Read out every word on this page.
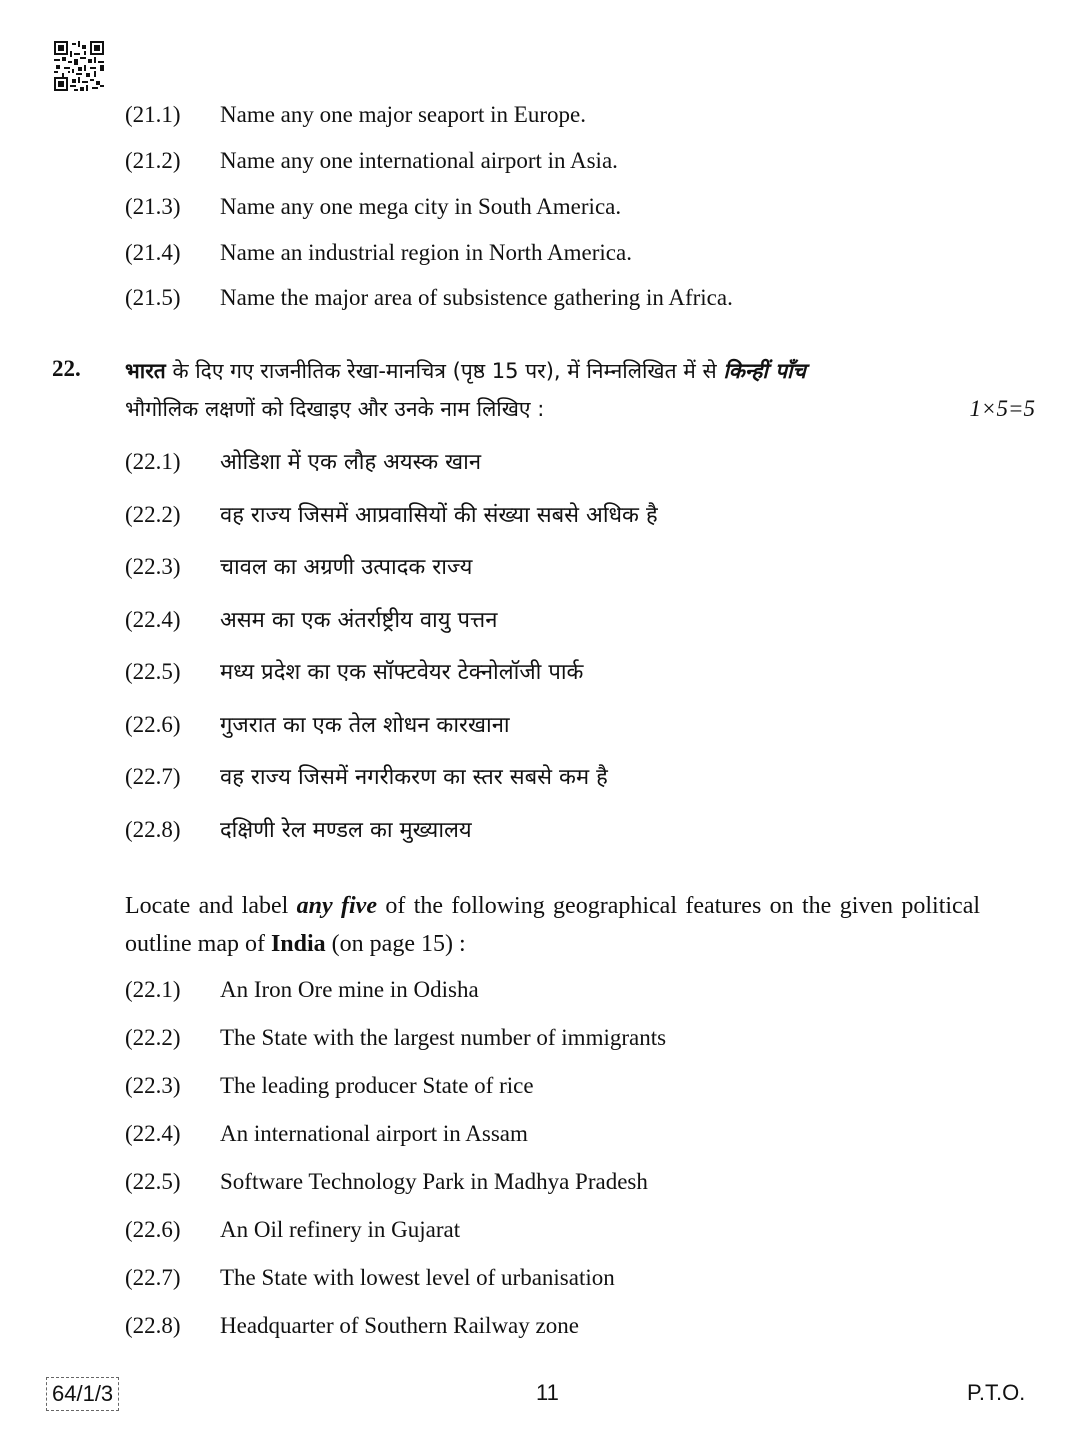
(21.1) Name any one major seaport in Europe.
(21.2) Name any one international airport in Asia.
(21.3) Name any one mega city in South America.
(21.4) Name an industrial region in North America.
(21.5) Name the major area of subsistence gathering in Africa.
22. भारत के दिए गए राजनीतिक रेखा-मानचित्र (पृष्ठ 15 पर), में निम्नलिखित में से किन्हीं पाँच
भौगोलिक लक्षणों को दिखाइए और उनके नाम लिखिए :	1×5=5
(22.1) ओडिशा में एक लौह अयस्क खान
(22.2) वह राज्य जिसमें आप्रवासियों की संख्या सबसे अधिक है
(22.3) चावल का अग्रणी उत्पादक राज्य
(22.4) असम का एक अंतर्राष्ट्रीय वायु पत्तन
(22.5) मध्य प्रदेश का एक सॉफ्टवेयर टेक्नोलॉजी पार्क
(22.6) गुजरात का एक तेल शोधन कारखाना
(22.7) वह राज्य जिसमें नगरीकरण का स्तर सबसे कम है
(22.8) दक्षिणी रेल मण्डल का मुख्यालय
Locate and label any five of the following geographical features on the given political outline map of India (on page 15) :
(22.1) An Iron Ore mine in Odisha
(22.2) The State with the largest number of immigrants
(22.3) The leading producer State of rice
(22.4) An international airport in Assam
(22.5) Software Technology Park in Madhya Pradesh
(22.6) An Oil refinery in Gujarat
(22.7) The State with lowest level of urbanisation
(22.8) Headquarter of Southern Railway zone
64/1/3	11	P.T.O.
